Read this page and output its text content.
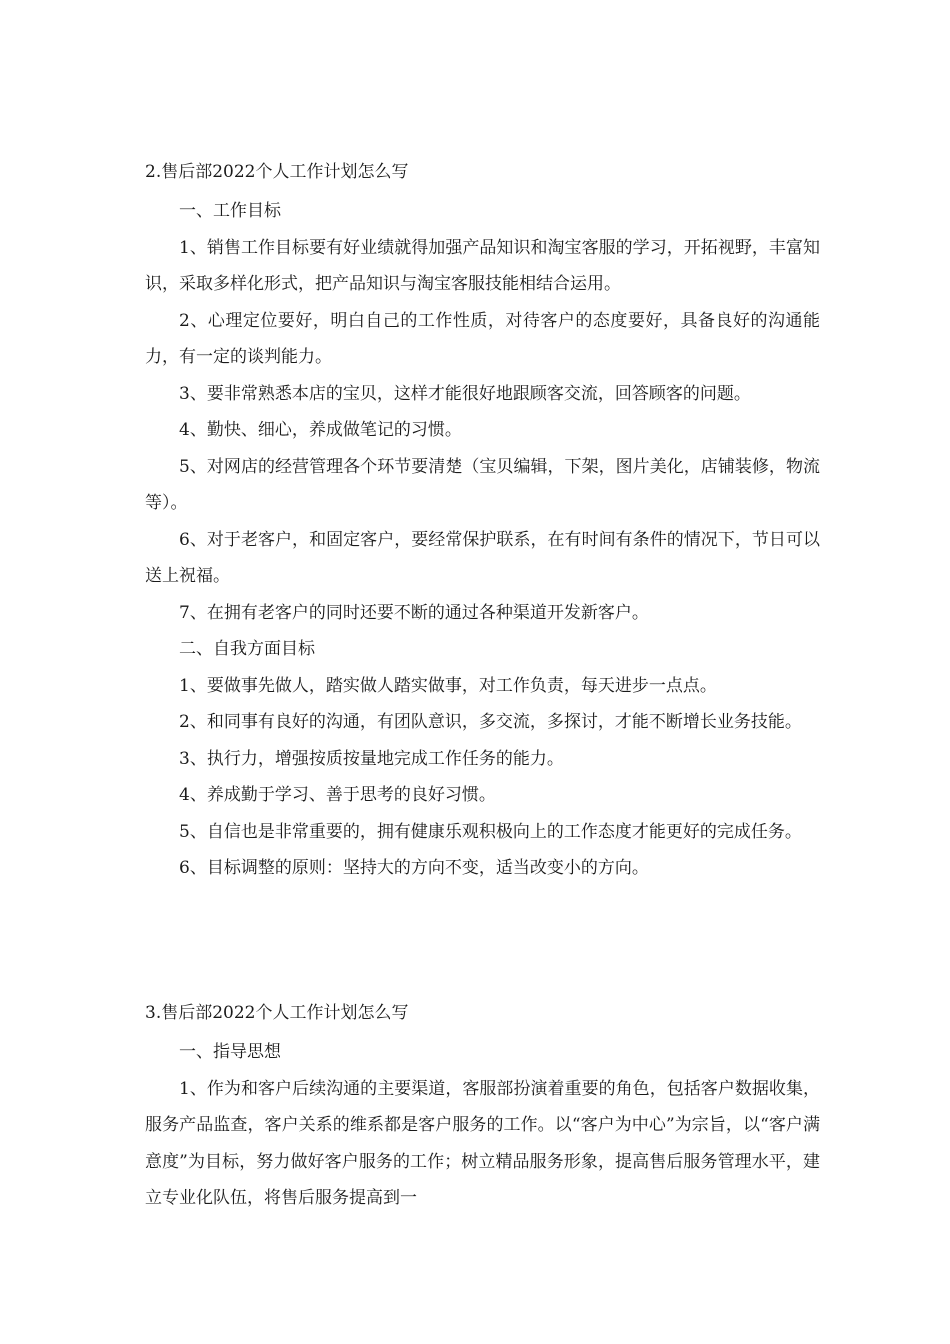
2.售后部2022个人工作计划怎么写

一、工作目标

1、销售工作目标要有好业绩就得加强产品知识和淘宝客服的学习，开拓视野，丰富知识，采取多样化形式，把产品知识与淘宝客服技能相结合运用。

2、心理定位要好，明白自己的工作性质，对待客户的态度要好，具备良好的沟通能力，有一定的谈判能力。

3、要非常熟悉本店的宝贝，这样才能很好地跟顾客交流，回答顾客的问题。

4、勤快、细心，养成做笔记的习惯。

5、对网店的经营管理各个环节要清楚（宝贝编辑，下架，图片美化，店铺装修，物流等）。

6、对于老客户，和固定客户，要经常保护联系，在有时间有条件的情况下，节日可以送上祝福。

7、在拥有老客户的同时还要不断的通过各种渠道开发新客户。

二、自我方面目标

1、要做事先做人，踏实做人踏实做事，对工作负责，每天进步一点点。

2、和同事有良好的沟通，有团队意识，多交流，多探讨，才能不断增长业务技能。

3、执行力，增强按质按量地完成工作任务的能力。

4、养成勤于学习、善于思考的良好习惯。

5、自信也是非常重要的，拥有健康乐观积极向上的工作态度才能更好的完成任务。

6、目标调整的原则：坚持大的方向不变，适当改变小的方向。

3.售后部2022个人工作计划怎么写

一、指导思想

1、作为和客户后续沟通的主要渠道，客服部扮演着重要的角色，包括客户数据收集，服务产品监查，客户关系的维系都是客户服务的工作。以“客户为中心”为宗旨，以“客户满意度”为目标，努力做好客户服务的工作；树立精品服务形象，提高售后服务管理水平，建立专业化队伍，将售后服务提高到一
